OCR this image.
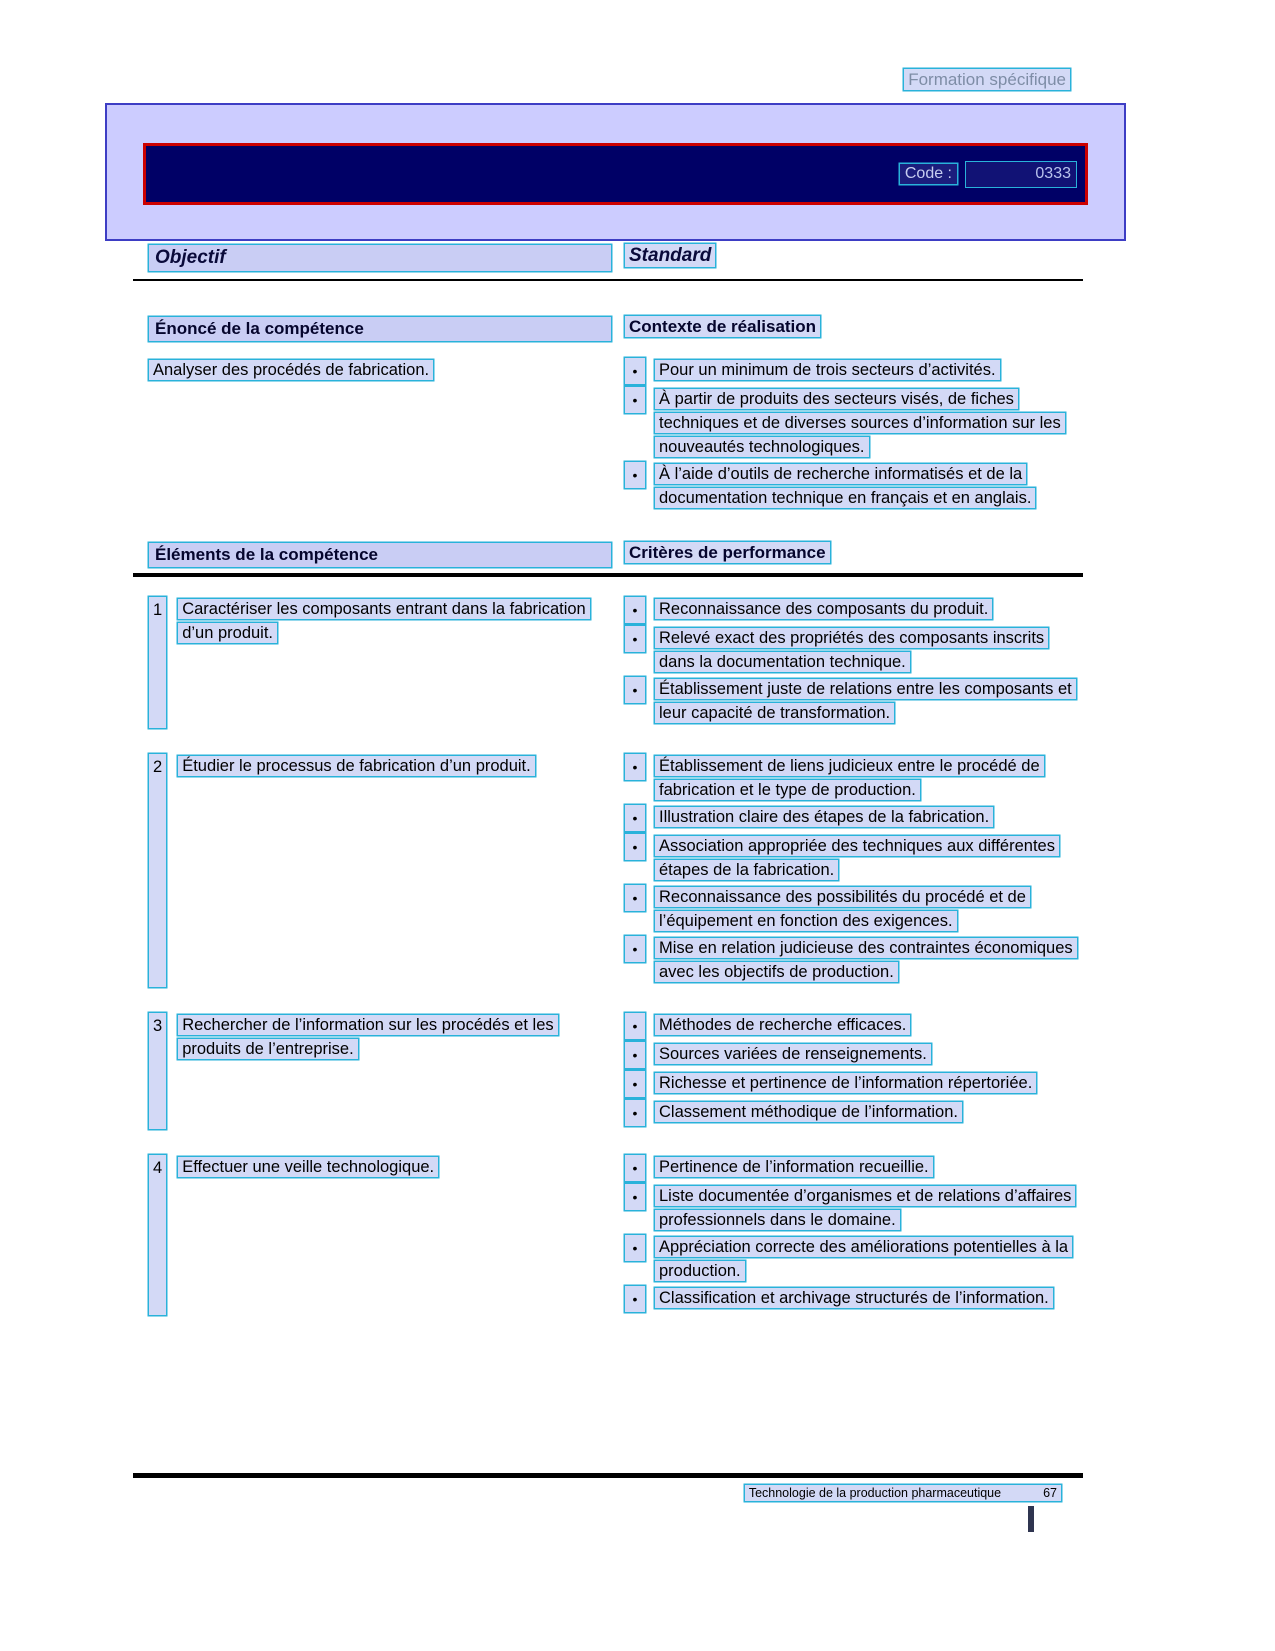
Formation spécifique
Code :	0333
Objectif	Standard
Énoncé de la compétence	Contexte de réalisation
Analyser des procédés de fabrication.	•	Pour un minimum de trois secteurs d’activités.
•	À partir de produits des secteurs visés, de fiches techniques et de diverses sources d’information sur les nouveautés technologiques.
•	À l’aide d’outils de recherche informatisés et de la documentation technique en français et en anglais.
Éléments de la compétence	Critères de performance
1 Caractériser les composants entrant dans la fabrication d’un produit.
•	Reconnaissance des composants du produit.
•	Relevé exact des propriétés des composants inscrits dans la documentation technique.
•	Établissement juste de relations entre les composants et leur capacité de transformation.
2 Étudier le processus de fabrication d’un produit.	•	Établissement de liens judicieux entre le procédé de fabrication et le type de production.
•	Illustration claire des étapes de la fabrication.
•	Association appropriée des techniques aux différentes étapes de la fabrication.
•	Reconnaissance des possibilités du procédé et de l’équipement en fonction des exigences.
•	Mise en relation judicieuse des contraintes économiques avec les objectifs de production.
3 Rechercher de l’information sur les procédés et les produits de l’entreprise.
•	Méthodes de recherche efficaces.
•	Sources variées de renseignements.
•	Richesse et pertinence de l’information répertoriée.
•	Classement méthodique de l’information.
4 Effectuer une veille technologique.	•	Pertinence de l’information recueillie.
•	Liste documentée d’organismes et de relations d’affaires professionnels dans le domaine.
•	Appréciation correcte des améliorations potentielles à la production.
•	Classification et archivage structurés de l’information.
Technologie de la production pharmaceutique	67
